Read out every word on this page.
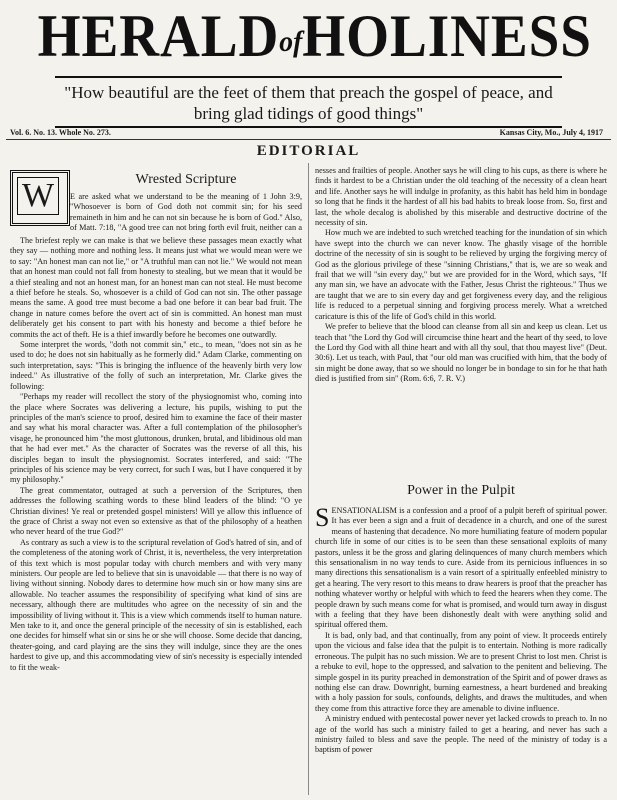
HERALDofHOLINESS
"How beautiful are the feet of them that preach the gospel of peace, and
bring glad tidings of good things"
Vol. 6. No. 13. Whole No. 273.	Kansas City, Mo., July 4, 1917
EDITORIAL
Wrested Scripture
W	E are asked what we understand to be the meaning of 1 John 3:9, "Whosoever is born of God doth not commit sin; for his seed remaineth in him and he can not sin because he is born of God." Also, of Matt. 7:18, "A good tree can not bring forth evil fruit, neither can a

The briefest reply we can make is that we believe these passages mean exactly what they say — nothing more and nothing less. It means just what we would mean were we to say: "An honest man can not lie," or "A truthful man can not lie." We would not mean that an honest man could not fall from honesty to stealing, but we mean that it would be a thief stealing and not an honest man, for an honest man can not steal. He must become a thief before he steals. So, whosoever is a child of God can not sin. The other passage means the same. A good tree must become a bad one before it can bear bad fruit. The change in nature comes before the overt act of sin is committed. An honest man must deliberately get his consent to part with his honesty and become a thief before he commits the act of theft. He is a thief inwardly before he becomes one outwardly.

Some interpret the words, "doth not commit sin," etc., to mean, "does not sin as he used to do; he does not sin habitually as he formerly did." Adam Clarke, commenting on such interpretation, says: "This is bringing the influence of the heavenly birth very low indeed." As illustrative of the folly of such an interpretation, Mr. Clarke gives the following:

"Perhaps my reader will recollect the story of the physiognomist who, coming into the place where Socrates was delivering a lecture, his pupils, wishing to put the principles of the man's science to proof, desired him to examine the face of their master and say what his moral character was. After a full contemplation of the philosopher's visage, he pronounced him "the most gluttonous, drunken, brutal, and libidinous old man that he had ever met." As the character of Socrates was the reverse of all this, his disciples began to insult the physiognomist. Socrates interfered, and said: "The principles of his science may be very correct, for such I was, but I have conquered it by my philosophy."

The great commentator, outraged at such a perversion of the Scriptures, then addresses the following scathing words to these blind leaders of the blind: "O ye Christian divines! Ye real or pretended gospel ministers! Will ye allow this influence of the grace of Christ a sway not even so extensive as that of the philosophy of a heathen who never heard of the true God?"

As contrary as such a view is to the scriptural revelation of God's hatred of sin, and of the completeness of the atoning work of Christ, it is, nevertheless, the very interpretation of this text which is most popular today with church members and with very many ministers. Our people are led to believe that sin is unavoidable — that there is no way of living without sinning. Nobody dares to determine how much sin or how many sins are allowable. No teacher assumes the responsibility of specifying what kind of sins are necessary, although there are multitudes who agree on the necessity of sin and the impossibility of living without it. This is a view which commends itself to human nature. Men take to it, and once the general principle of the necessity of sin is established, each one decides for himself what sin or sins he or she will choose. Some decide that dancing, theater-going, and card playing are the sins they will indulge, since they are the ones hardest to give up, and this accommodating view of sin's necessity is especially intended to fit the weak-

nesses and frailties of people. Another says he will cling to his cups, as there is where he finds it hardest to be a Christian under the old teaching of the necessity of a clean heart and life. Another says he will indulge in profanity, as this habit has held him in bondage so long that he finds it the hardest of all his bad habits to break loose from. So, first and last, the whole decalog is abolished by this miserable and destructive doctrine of the necessity of sin.

How much we are indebted to such wretched teaching for the inundation of sin which have swept into the church we can never know. The ghastly visage of the horrible doctrine of the necessity of sin is sought to be relieved by urging the forgiving mercy of God as the glorious privilege of these "sinning Christians," that is, we are so weak and frail that we will "sin every day," but we are provided for in the Word, which says, "If any man sin, we have an advocate with the Father, Jesus Christ the righteous." Thus we are taught that we are to sin every day and get forgiveness every day, and the religious life is reduced to a perpetual sinning and forgiving process merely. What a wretched caricature is this of the life of God's child in this world.

We prefer to believe that the blood can cleanse from all sin and keep us clean. Let us teach that "the Lord thy God will circumcise thine heart and the heart of thy seed, to love the Lord thy God with all thine heart and with all thy soul, that thou mayest live" (Deut. 30:6). Let us teach, with Paul, that "our old man was crucified with him, that the body of sin might be done away, that so we should no longer be in bondage to sin for he that hath died is justified from sin" (Rom. 6:6, 7. R. V.)

Power in the Pulpit

SENSATIONALISM is a confession and a proof of a pulpit bereft of spiritual power. It has ever been a sign and a fruit of decadence in a church, and one of the surest means of hastening that decadence. No more humiliating feature of modern popular church life in some of our cities is to be seen than these sensational exploits of many pastors, unless it be the gross and glaring delinquences of many church members which this sensationalism in no way tends to cure. Aside from its pernicious influences in so many directions this sensationalism is a vain resort of a spiritually enfeebled ministry to get a hearing. The very resort to this means to draw hearers is proof that the preacher has nothing whatever worthy or helpful with which to feed the hearers when they come. The people drawn by such means come for what is promised, and would turn away in disgust with a feeling that they have been dishonestly dealt with were anything solid and spiritual offered them.

It is bad, only bad, and that continually, from any point of view. It proceeds entirely upon the vicious and false idea that the pulpit is to entertain. Nothing is more radically erroneous. The pulpit has no such mission. We are to present Christ to lost men. Christ is a rebuke to evil, hope to the oppressed, and salvation to the penitent and believing. The simple gospel in its purity preached in demonstration of the Spirit and of power draws as nothing else can draw. Downright, burning earnestness, a heart burdened and breaking with a holy passion for souls, confounds, delights, and draws the multitudes, and when they come from this attractive force they are amenable to divine influence.

A ministry endued with pentecostal power never yet lacked crowds to preach to. In no age of the world has such a ministry failed to get a hearing, and never has such a ministry failed to bless and save the people. The need of the ministry of today is a baptism of power
